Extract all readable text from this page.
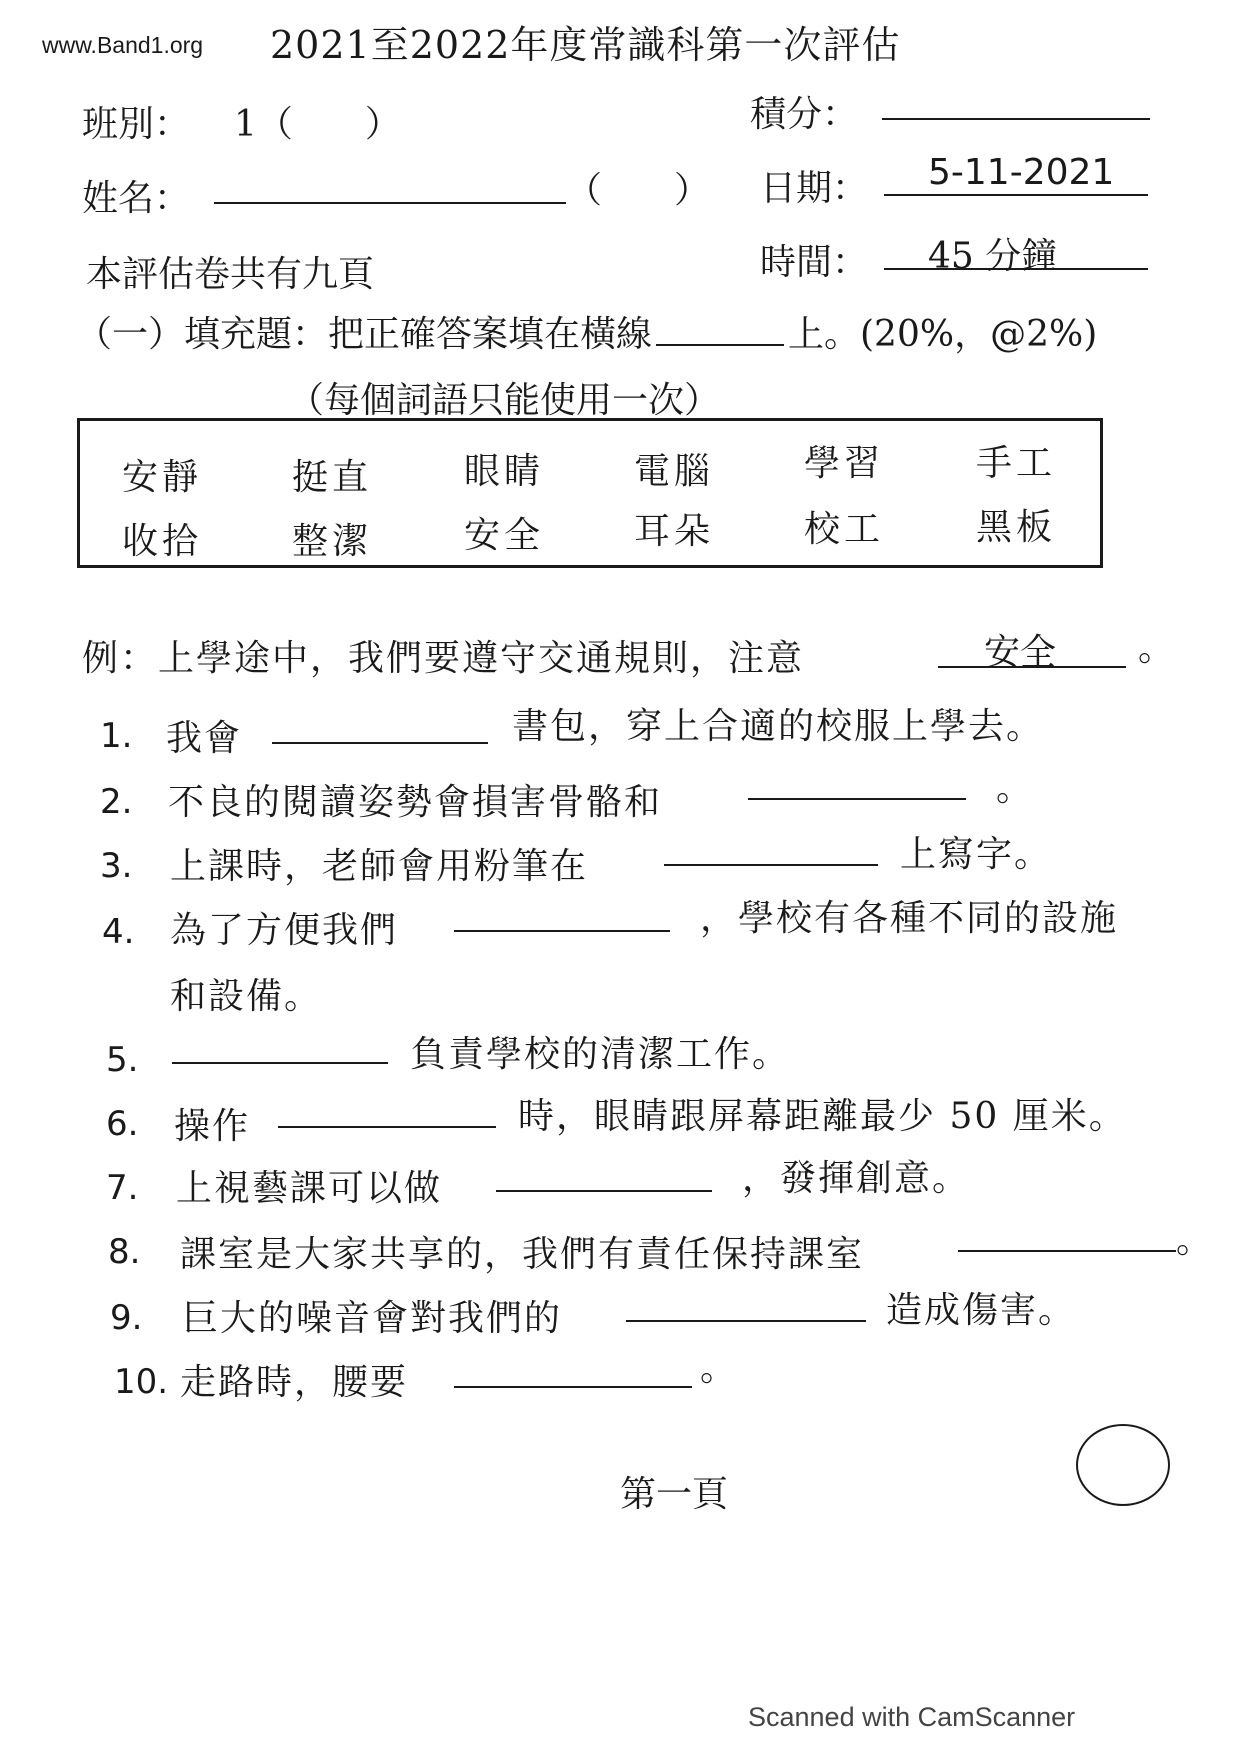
www.Band1.org 2021至2022年度常識科第一次評估
班別： 1（　　）	積分：
姓名：	（　　） 日期： 5-11-2021
本評估卷共有九頁	時間： 45 分鐘
（一）填充題：把正確答案填在橫線	上。(20%，@2%)
（每個詞語只能使用一次）
安靜 挺直	眼睛 電腦 學習	手工
收拾 整潔	安全 耳朵 校工	黑板
例：上學途中，我們要遵守交通規則，注意	安全 。
1. 我會	書包，穿上合適的校服上學去。
2. 不良的閱讀姿勢會損害骨骼和	。
3. 上課時，老師會用粉筆在	上寫字。
4. 為了方便我們	，學校有各種不同的設施
和設備。
5.	負責學校的清潔工作。
6. 操作	時，眼睛跟屏幕距離最少 50 厘米。
7. 上視藝課可以做	，發揮創意。
8. 課室是大家共享的，我們有責任保持課室	。
9. 巨大的噪音會對我們的	造成傷害。
10. 走路時，腰要	。
第一頁
Scanned with CamScanner
